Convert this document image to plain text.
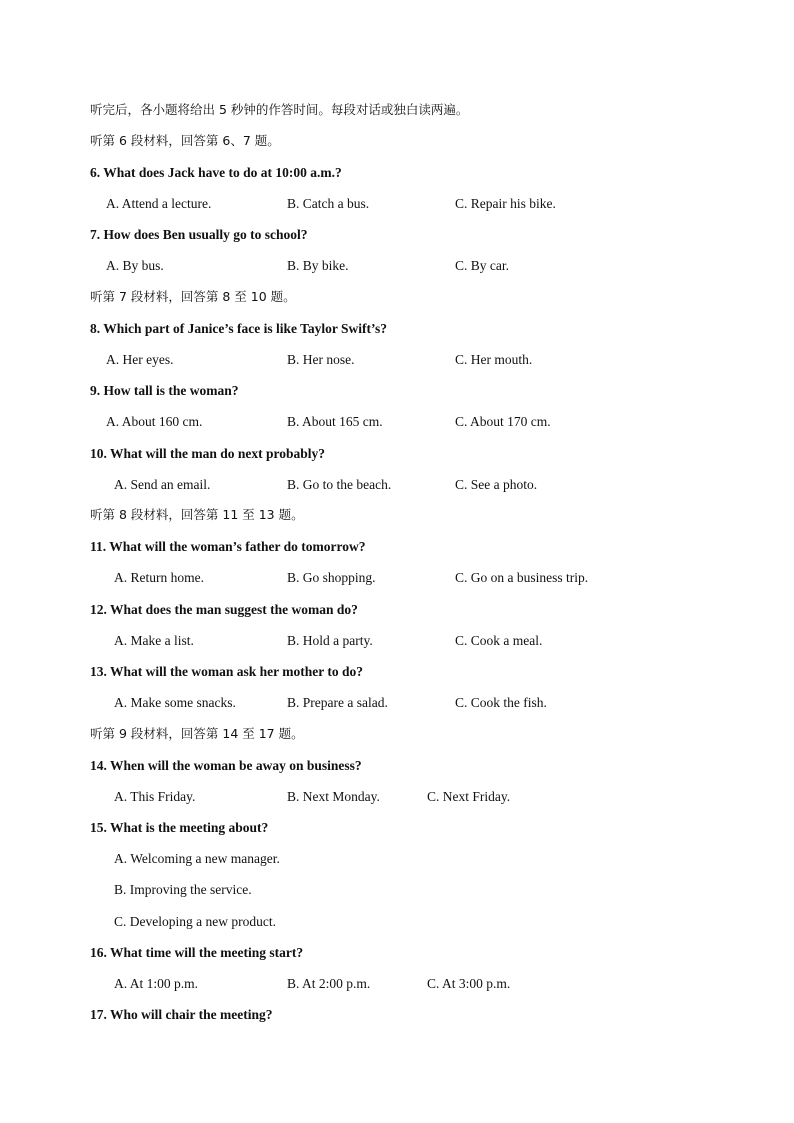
听完后，各小题将给出 5 秒钟的作答时间。每段对话或独白读两遍。
听第 6 段材料，回答第 6、7 题。
6. What does Jack have to do at 10:00 a.m.?
A. Attend a lecture.	B. Catch a bus.	C. Repair his bike.
7. How does Ben usually go to school?
A. By bus.	B. By bike.	C. By car.
听第 7 段材料，回答第 8 至 10 题。
8. Which part of Janice’s face is like Taylor Swift’s?
A. Her eyes.	B. Her nose.	C. Her mouth.
9. How tall is the woman?
A. About 160 cm.	B. About 165 cm.	C. About 170 cm.
10. What will the man do next probably?
A. Send an email.	B. Go to the beach.	C. See a photo.
听第 8 段材料，回答第 11 至 13 题。
11. What will the woman’s father do tomorrow?
A. Return home.	B. Go shopping.	C. Go on a business trip.
12. What does the man suggest the woman do?
A. Make a list.	B. Hold a party.	C. Cook a meal.
13. What will the woman ask her mother to do?
A. Make some snacks.	B. Prepare a salad.	C. Cook the fish.
听第 9 段材料，回答第 14 至 17 题。
14. When will the woman be away on business?
A. This Friday.	B. Next Monday.	C. Next Friday.
15. What is the meeting about?
A. Welcoming a new manager.
B. Improving the service.
C. Developing a new product.
16. What time will the meeting start?
A. At 1:00 p.m.	B. At 2:00 p.m.	C. At 3:00 p.m.
17. Who will chair the meeting?
